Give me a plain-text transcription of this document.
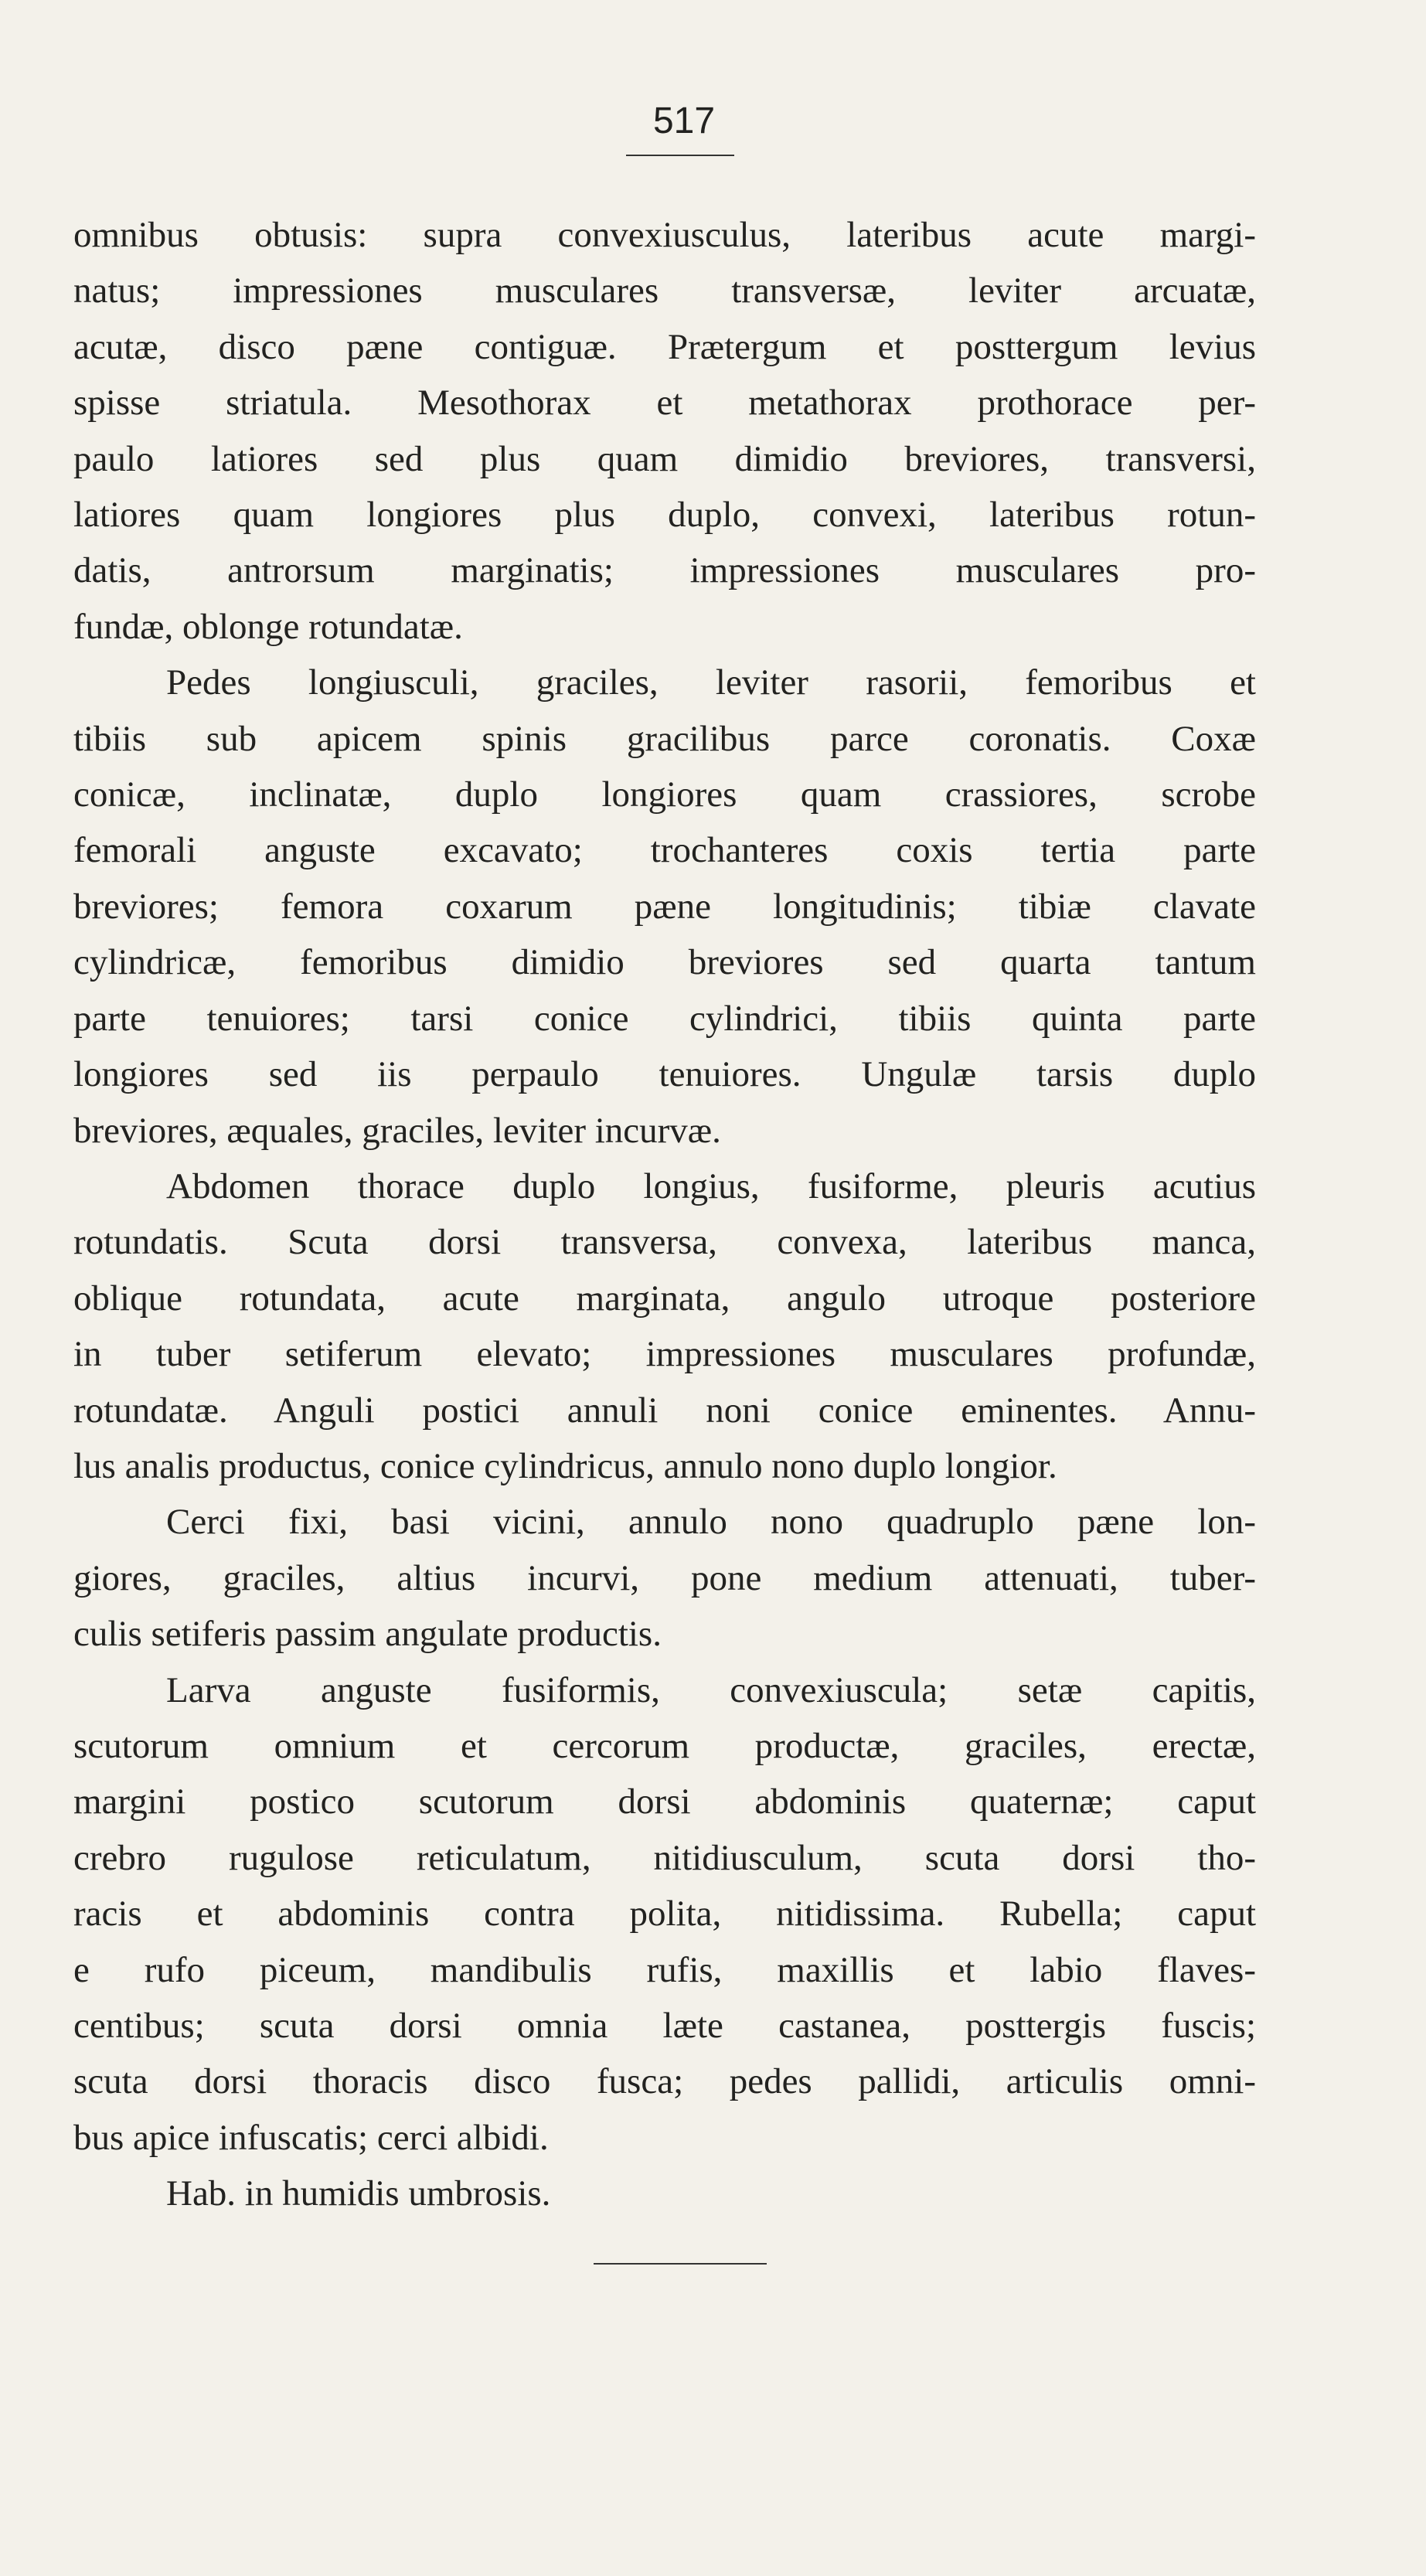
517
omnibus obtusis: supra convexiusculus, lateribus acute margi-
natus; impressiones musculares transversæ, leviter arcuatæ,
acutæ, disco pæne contiguæ. Prætergum et posttergum levius
spisse striatula. Mesothorax et metathorax prothorace per-
paulo latiores sed plus quam dimidio breviores, transversi,
latiores quam longiores plus duplo, convexi, lateribus rotun-
datis, antrorsum marginatis; impressiones musculares pro-
fundæ, oblonge rotundatæ.
Pedes longiusculi, graciles, leviter rasorii, femoribus et
tibiis sub apicem spinis gracilibus parce coronatis. Coxæ
conicæ, inclinatæ, duplo longiores quam crassiores, scrobe
femorali anguste excavato; trochanteres coxis tertia parte
breviores; femora coxarum pæne longitudinis; tibiæ clavate
cylindricæ, femoribus dimidio breviores sed quarta tantum
parte tenuiores; tarsi conice cylindrici, tibiis quinta parte
longiores sed iis perpaulo tenuiores. Ungulæ tarsis duplo
breviores, æquales, graciles, leviter incurvæ.
Abdomen thorace duplo longius, fusiforme, pleuris acutius
rotundatis. Scuta dorsi transversa, convexa, lateribus manca,
oblique rotundata, acute marginata, angulo utroque posteriore
in tuber setiferum elevato; impressiones musculares profundæ,
rotundatæ. Anguli postici annuli noni conice eminentes. Annu-
lus analis productus, conice cylindricus, annulo nono duplo longior.
Cerci fixi, basi vicini, annulo nono quadruplo pæne lon-
giores, graciles, altius incurvi, pone medium attenuati, tuber-
culis setiferis passim angulate productis.
Larva anguste fusiformis, convexiuscula; setæ capitis,
scutorum omnium et cercorum productæ, graciles, erectæ,
margini postico scutorum dorsi abdominis quaternæ; caput
crebro rugulose reticulatum, nitidiusculum, scuta dorsi tho-
racis et abdominis contra polita, nitidissima. Rubella; caput
e rufo piceum, mandibulis rufis, maxillis et labio flaves-
centibus; scuta dorsi omnia læte castanea, posttergis fuscis;
scuta dorsi thoracis disco fusca; pedes pallidi, articulis omni-
bus apice infuscatis; cerci albidi.
Hab. in humidis umbrosis.
